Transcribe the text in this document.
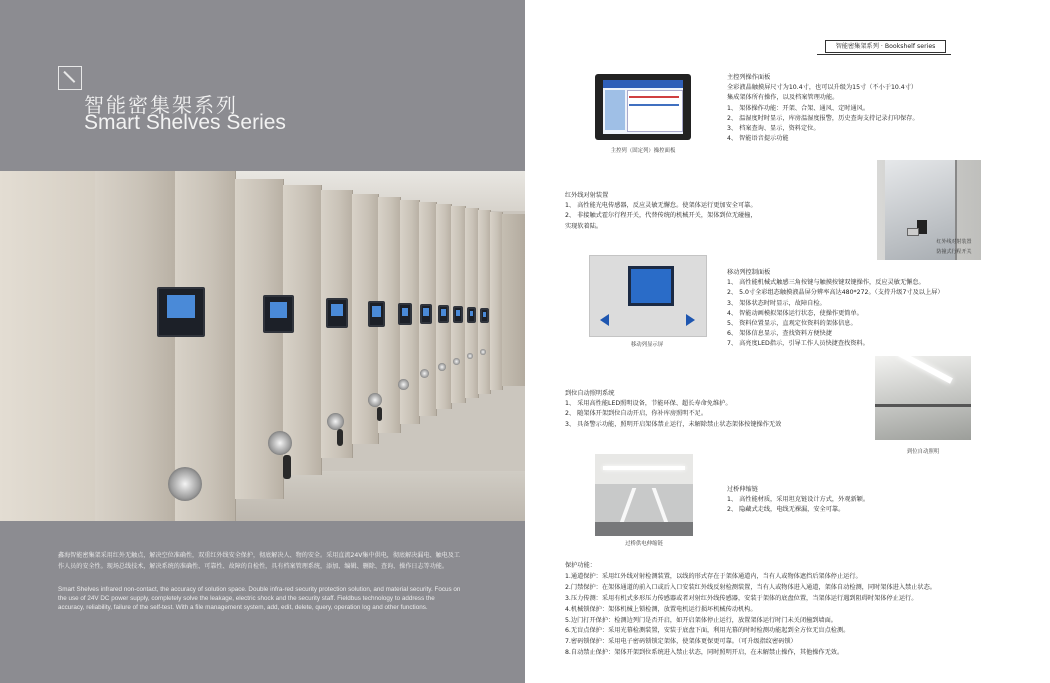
智能密集架系列
Smart Shelves Series
鑫海智能密集架采用红外无触点，解决空位准确性，双重红外线安全保护，彻底解决人、物的安全。采用直流24V集中供电，彻底解决漏电、触电及工作人员的安全性。现场总线技术，解决系统的准确性、可靠性、故障的自检性，具有档案管理系统，添加、编辑、删除、查询、操作日志等功能。
Smart Shelves infrared non-contact, the accuracy of solution space. Double infra-red security protection solution, and material security. Focus on the use of 24V DC power supply, completely solve the leakage, electric shock and the security staff. Fieldbus technology to address the accuracy, reliability, failure of the self-test. With a file management system, add, edit, delete, query, operation log and other functions.
智能密集架系列 · Bookshelf series
主控列（固定列）操控面板
主控列操作面板
全彩液晶触摸屏尺寸为10.4寸，也可以升级为15寸（不小于10.4寸）
集成架体所有操作，以及档案管理功能。
1、 架体操作功能：开架、合架、通风、定时通风。
2、 温湿度时时显示，库房温湿度报警，历史查询支持记录打印保存。
3、 档案查询、显示，资料定位。
4、 智能语音提示功能
红外线对射装置
1、 高性能光电传感器，反应灵敏无懈怠。使架体运行更加安全可靠。
2、 非接触式霍尔行程开关，代替传统的机械开关，架体到位无碰撞，
实现软着陆。
红外线对射装置
防撞式行程开关
移动列显示屏
移动列控制面板
1、 高性能机械式触感三角按键与触摸按键双键操作，反应灵敏无懈怠。
2、 5.0寸全彩组态触摸液晶屏分辨率高达480*272。（支持升级7寸及以上屏）
3、 架体状态时时显示，故障自检。
4、 智能动画模拟架体运行状态，使操作更简单。
5、 资料位置显示，直观定位资料的架体信息。
6、 架体信息显示，查找资料方便快捷
7、 高亮度LED指示，引导工作人员快捷查找资料。
到位自动照明系统
1、 采用高性能LED照明设备，节能环保、超长寿命免维护。
2、 随架体开架到位自动开启，你补库房照明不足。
3、 具备警示功能，照明开启架体禁止运行，未解除禁止状态架体按键操作无效
到位自动照明
过桥供电伸缩链
过桥伸缩链
1、 高性能材质，采用坦克链设计方式，外观新颖。
2、 隐藏式走线，电线无裸漏，安全可靠。
保护功能：
1.通道保护：采用红外线对射检测装置，以线的形式存在于架体通道内，当有人或物体遮挡后架体停止运行。
2.门禁保护：在架体通道的前入口或后入口安装红外线反射检测装置，当有人或物体进入通道，架体自动检测，同时架体进入禁止状态。
3.压力传测：采用有机式多形压力传感器或者对射红外线传感器，安装于架体的底盘位置，当架体运行遇到阻碍时架体停止运行。
4.机械锁保护：架体机械上锁检测，放置电机运行损坏机械传动机构。
5.边门打开保护：检测边列门是否开启，如开启架体停止运行，放置架体运行时门未关闭撞到墙面。
6.无盲点保护：采用光幕检测装置，安装于底盘下面，利用光幕的时时检测功能起到全方位无盲点检测。
7.密码锁保护：采用电子密码锁锁定架体，使架体更保更可靠。（可升级指纹密码锁）
8.自动禁止保护：架体开架到位系统进入禁止状态，同时照明开启，在未解禁止操作，其他操作无效。
